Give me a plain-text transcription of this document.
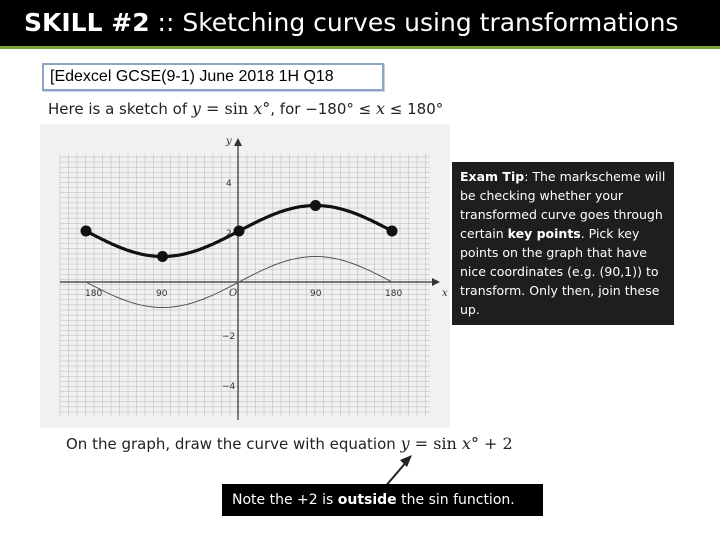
SKILL #2 :: Sketching curves using transformations
[Edexcel GCSE(9-1) June 2018 1H Q18
Here is a sketch of y = sin x°, for −180° ≤ x ≤ 180°
x
y
180	90	O	90	180
4
2
−2
−4
Exam Tip: The markscheme will be checking whether your transformed curve goes through certain key points. Pick key points on the graph that have nice coordinates (e.g. (90,1)) to transform. Only then, join these up.
On the graph, draw the curve with equation y = sin x° + 2
Note the +2 is outside the sin function.
